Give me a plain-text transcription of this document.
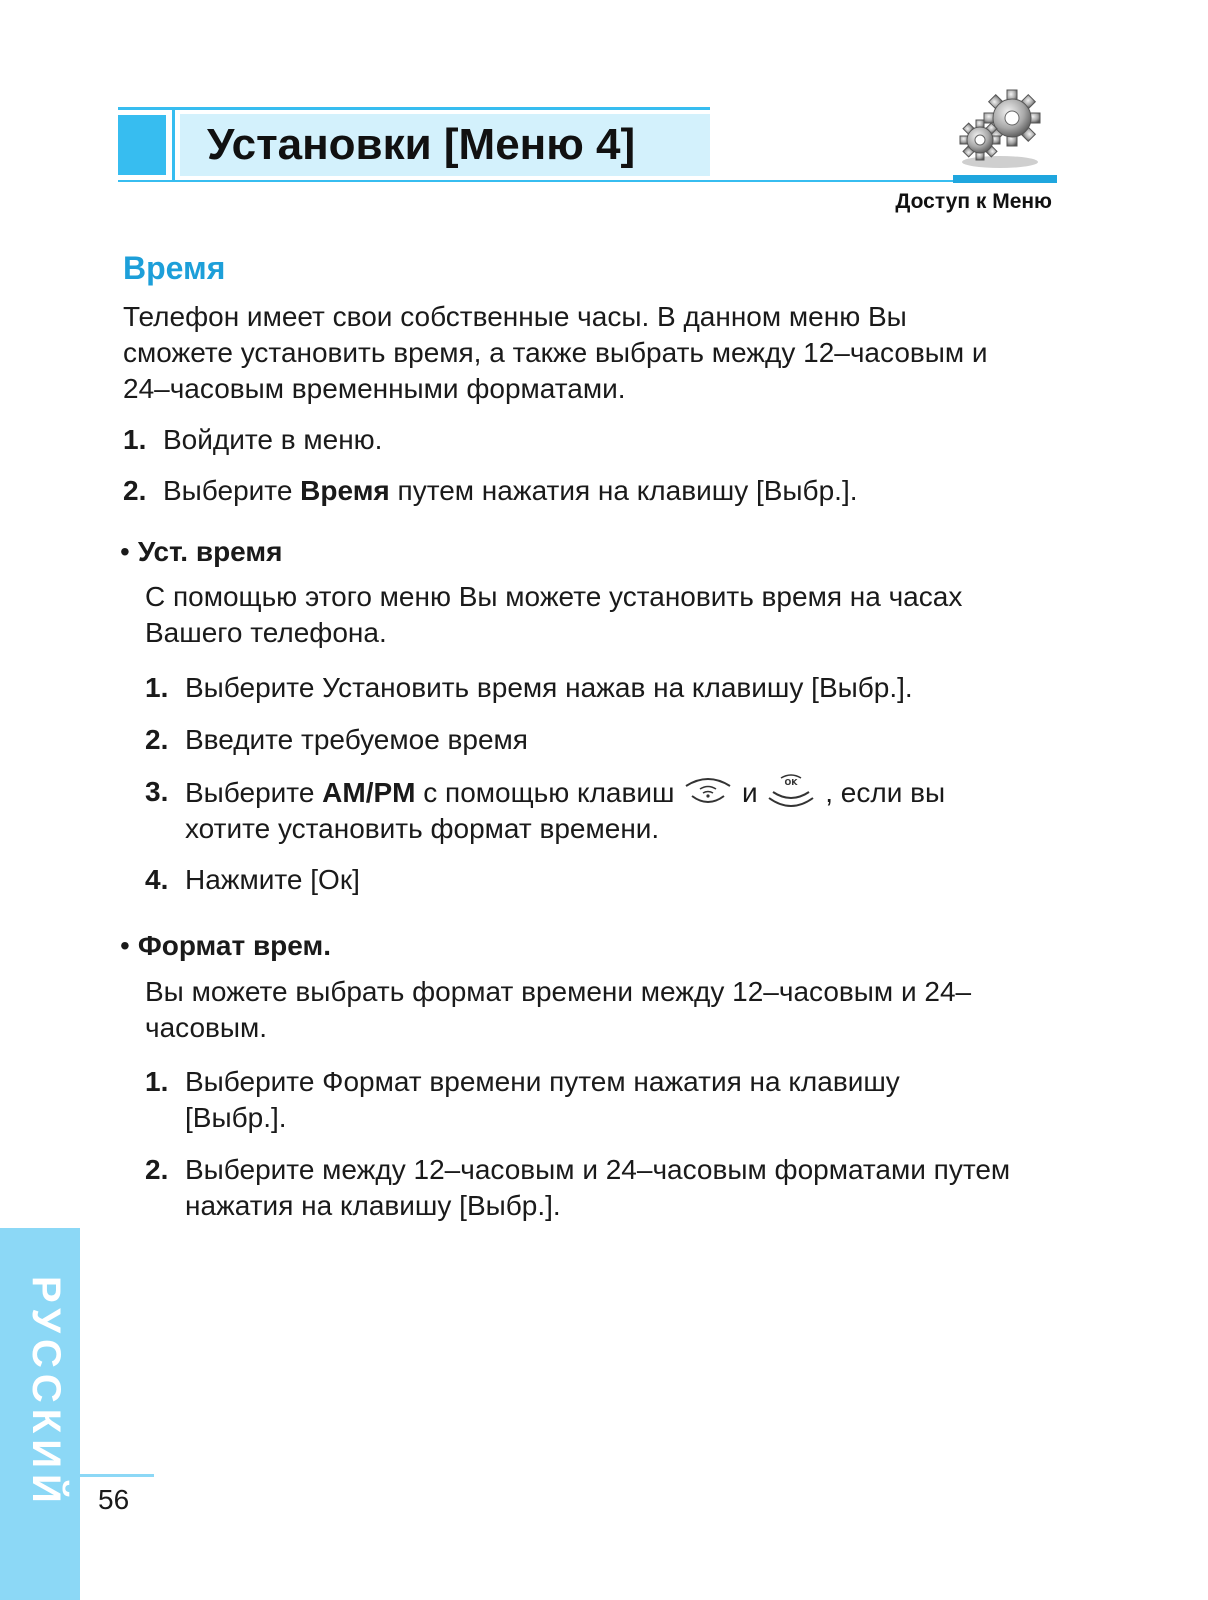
Установки [Меню 4]
Доступ к Меню
Время

Телефон имеет свои собственные часы. В данном меню Вы сможете установить время, а также выбрать между 12–часовым и 24–часовым временными форматами.

1. Войдите в меню.
2. Выберите Время путем нажатия на клавишу [Выбр.].
• Уст. время

С помощью этого меню Вы можете установить время на часах Вашего телефона.

1. Выберите Установить время нажав на клавишу [Выбр.].
2. Введите требуемое время
3. Выберите AM/PM с помощью клавиш  и OK , если вы хотите установить формат времени.
4. Нажмите [Ок]
• Формат врем.

Вы можете выбрать формат времени между 12–часовым и 24–часовым.

1. Выберите Формат времени путем нажатия на клавишу [Выбр.].
2. Выберите между 12–часовым и 24–часовым форматами путем нажатия на клавишу [Выбр.].
РУССКИЙ 56
